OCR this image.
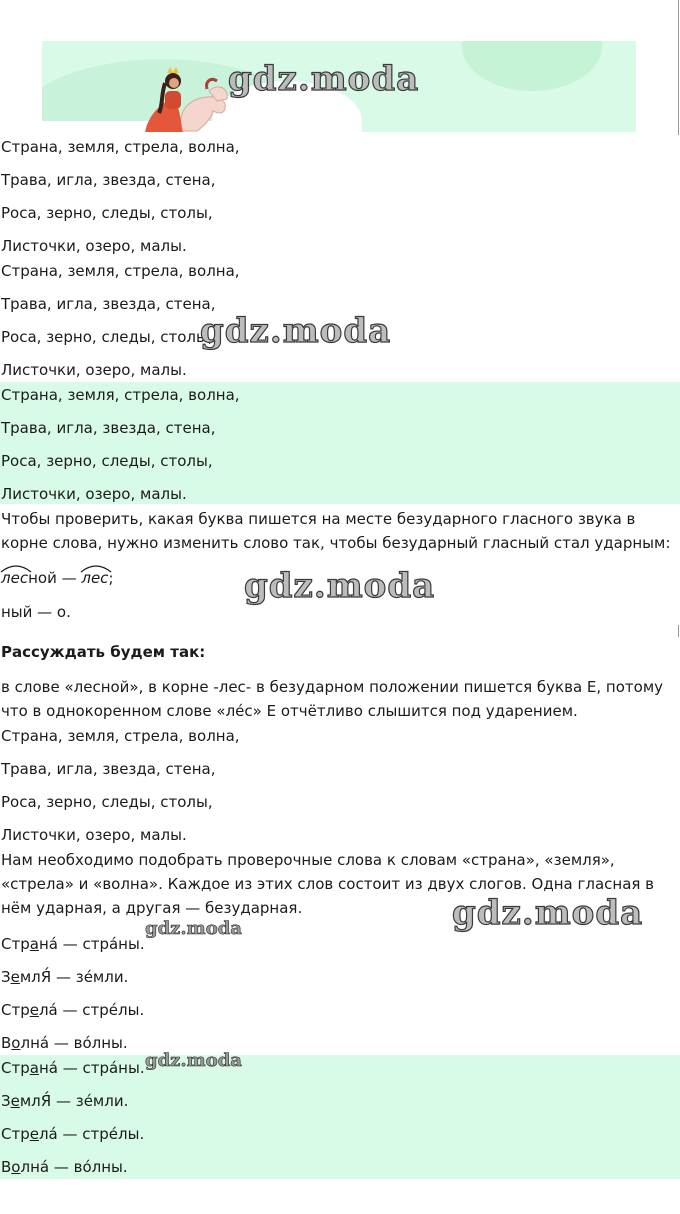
gdz.moda
Страна, земля, стрела, волна,
Трава, игла, звезда, стена,
Роса, зерно, следы, столы,
Листочки, озеро, малы.
Страна, земля, стрела, волна,
Трава, игла, звезда, стена,
Роса, зерно, следы, столы,
Листочки, озеро, малы.
gdz.moda
Страна, земля, стрела, волна,
Трава, игла, звезда, стена,
Роса, зерно, следы, столы,
Листочки, озеро, малы.
Чтобы проверить, какая буква пишется на месте безударного гласного звука в корне слова, нужно изменить слово так, чтобы безударный гласный стал ударным:
лесной —
лес;	gdz.moda
ный — о.
Рассуждать будем так:
в слове «лесной», в корне -лес- в безударном положении пишется буква Е, потому что в однокоренном слове «лéс» Е отчётливо слышится под ударением.
Страна, земля, стрела, волна,
Трава, игла, звезда, стена,
Роса, зерно, следы, столы,
Листочки, озеро, малы.
Нам необходимо подобрать проверочные слова к словам «страна», «земля», «стрела» и «волна». Каждое из этих слов состоит из двух слогов. Одна гласная в нём ударная, а другая — безударная.	gdz.moda
Странá — стрáны.
gdz.moda
ЗемлЯ́ — зéмли.
Стрелá — стрéлы.
Волнá — вóлны.
Странá — стрáны. gdz.moda
ЗемлЯ́ — зéмли.
Стрелá — стрéлы.
Волнá — вóлны.
